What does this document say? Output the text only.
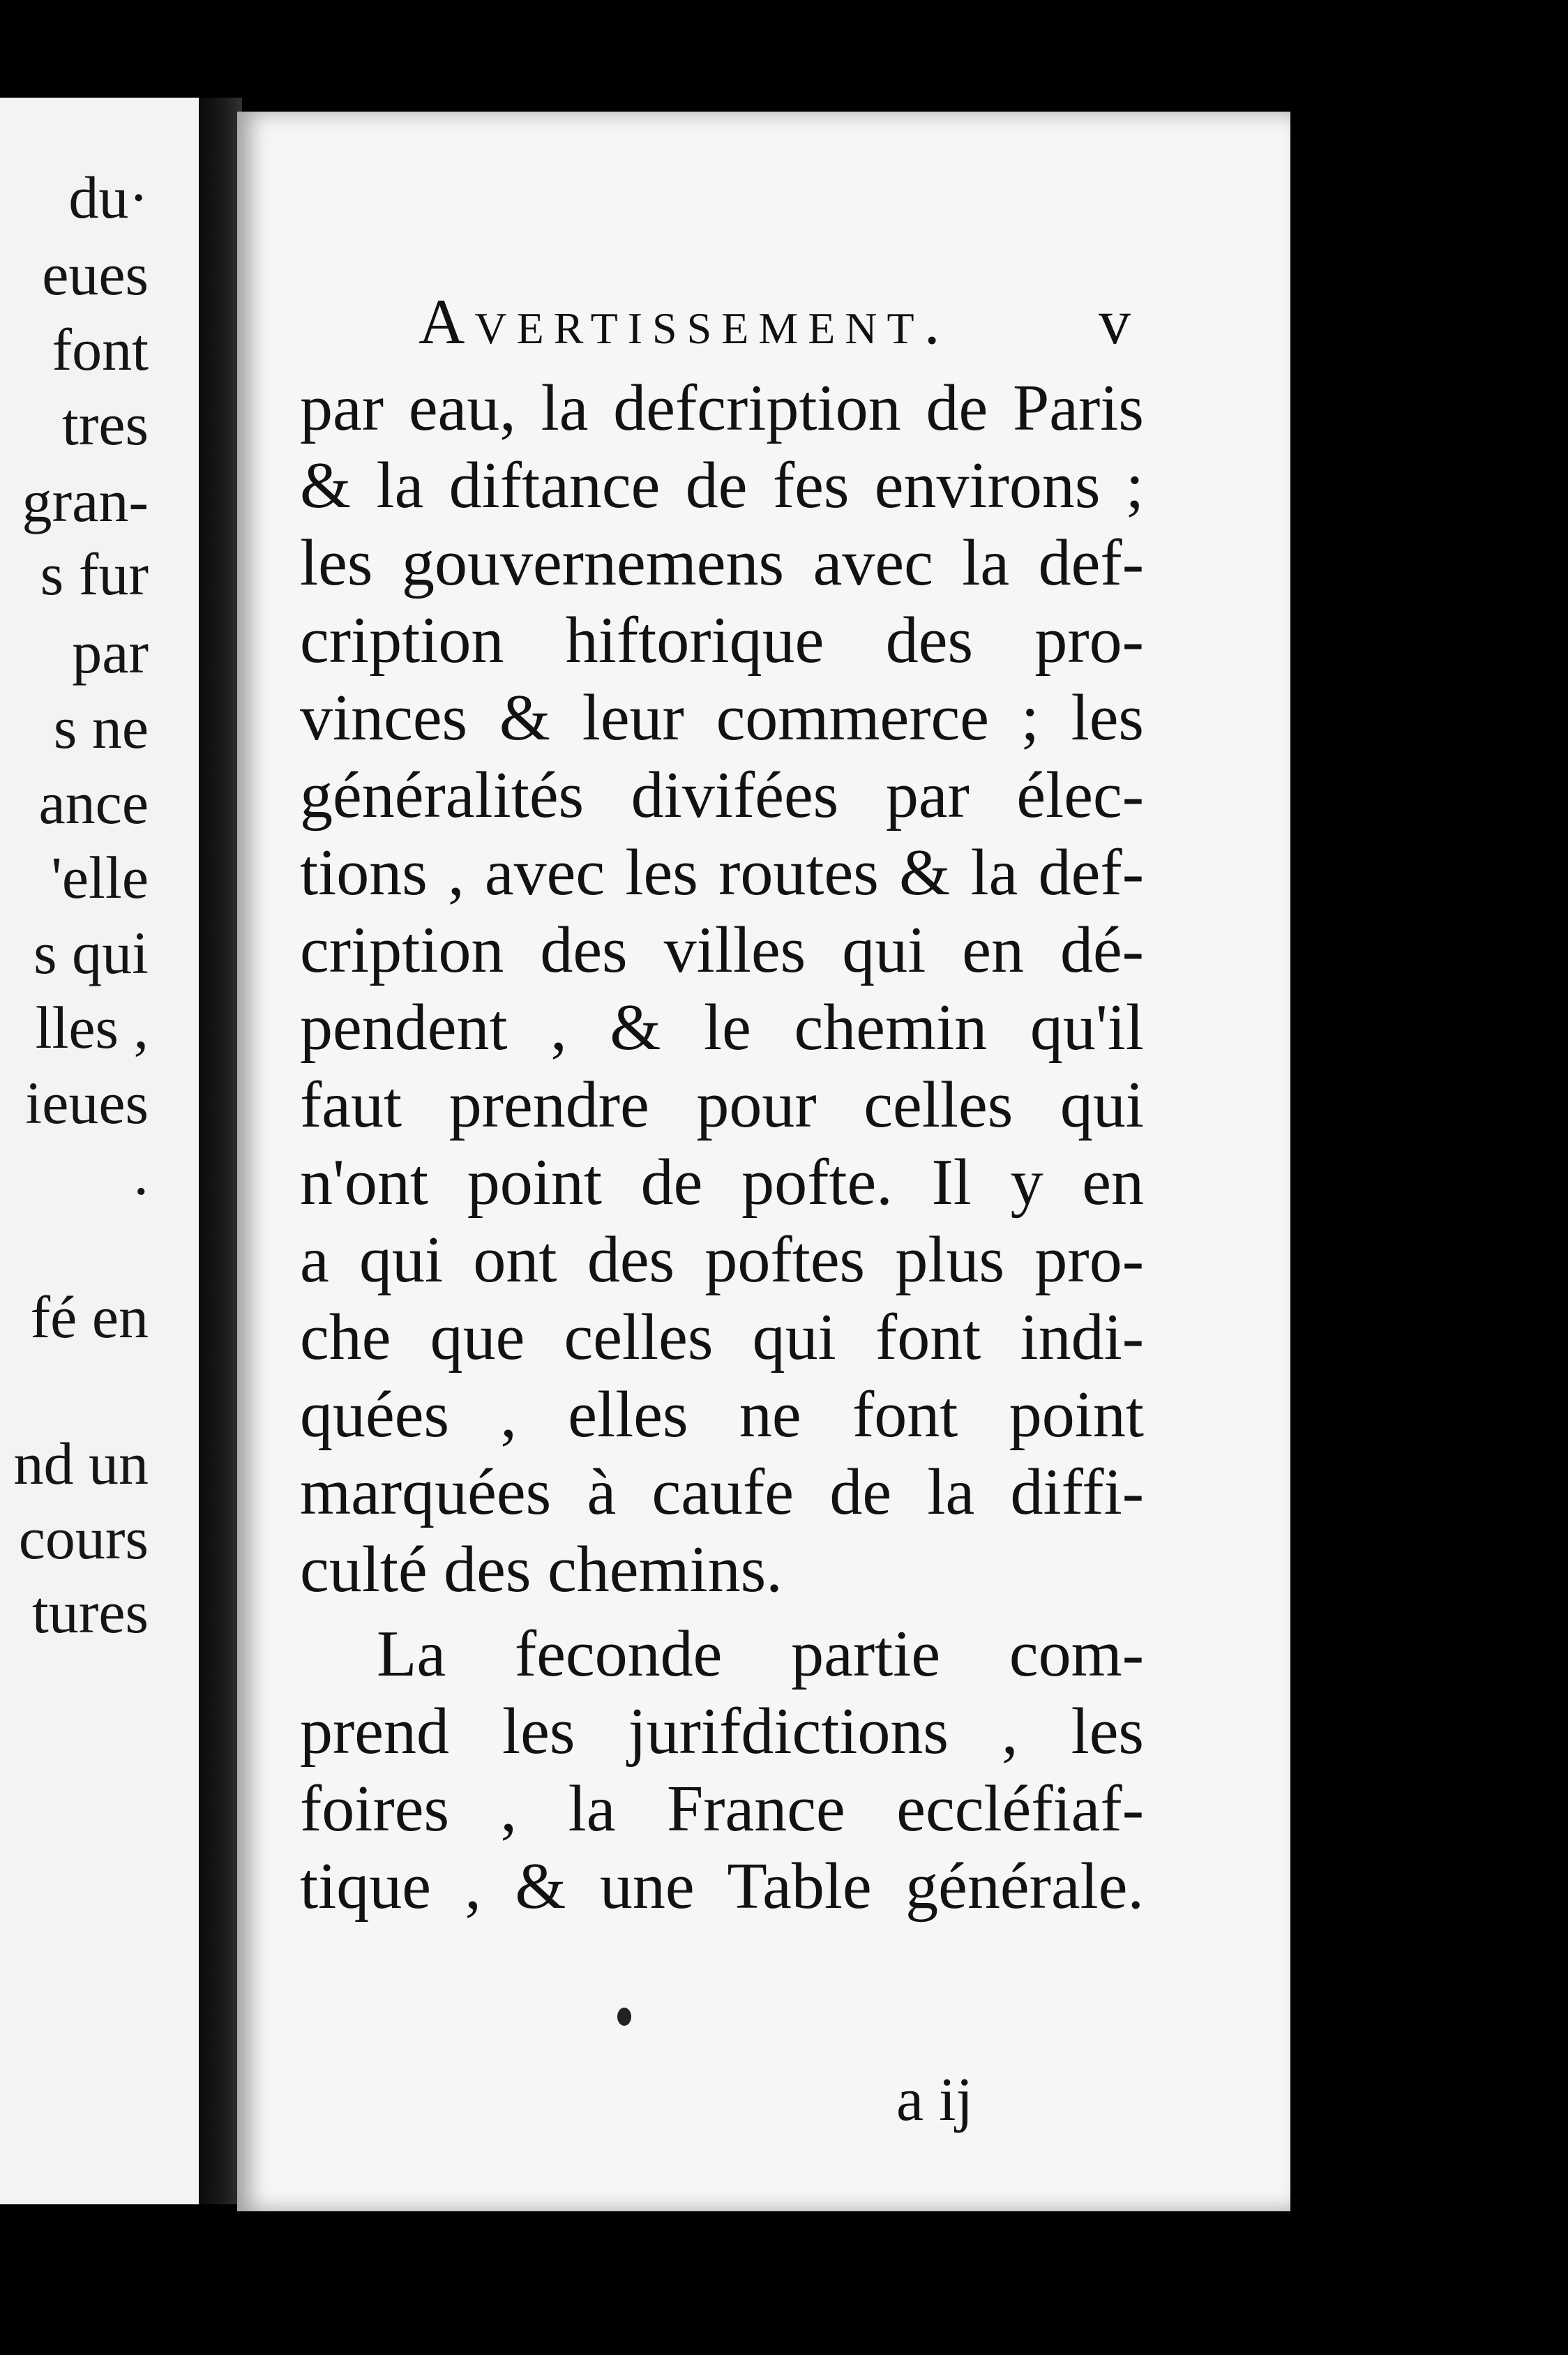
du·
eues
font
tres
gran-
s fur
par
s ne
ance
'elle
s qui
lles ,
ieues
.
fé en
nd un
cours
tures
Avertissement. v
par eau, la defcription de Paris
& la diftance de fes environs ;
les gouvernemens avec la def-
cription hiftorique des pro-
vinces & leur commerce ; les
généralités divifées par élec-
tions , avec les routes & la def-
cription des villes qui en dé-
pendent , & le chemin qu'il
faut prendre pour celles qui
n'ont point de pofte. Il y en
a qui ont des poftes plus pro-
che que celles qui font indi-
quées , elles ne font point
marquées à caufe de la diffi-
culté des chemins.
La feconde partie com-
prend les jurifdictions , les
foires , la France eccléfiaf-
tique , & une Table générale.
a ij
